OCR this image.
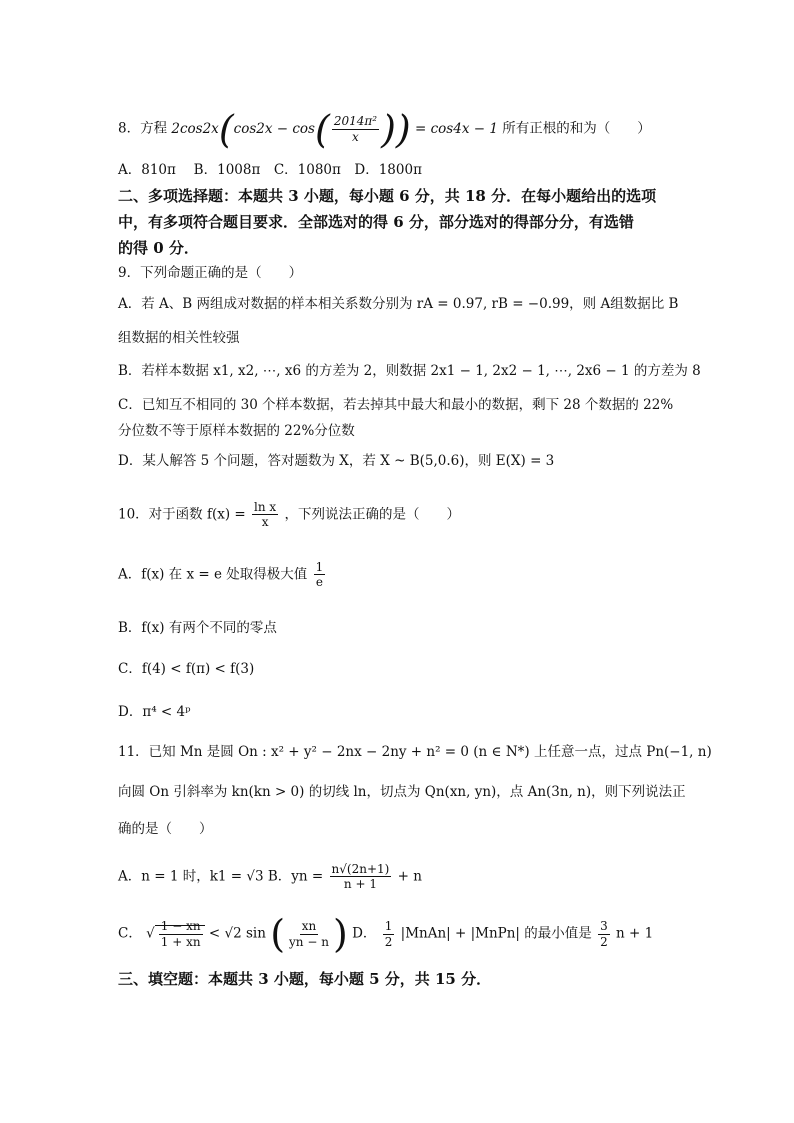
8．方程 $2\cos 2x(\cos 2x - \cos( \frac{\text{2014π²}}{x}$ )) = cos4x − 1 所有正根的和为（　　）
A．810π　 B．1008π　C．1080π　D．1800π
二、多项选择题：本题共 3 小题，每小题 6 分，共 18 分．在每小题给出的选项
中，有多项符合题目要求．全部选对的得 6 分，部分选对的得部分分，有选错
的得 0 分．
9．下列命题正确的是（　　）
A．若 A、B 两组成对数据的样本相关系数分别为 rA = 0.97, rB = −0.99，则 A组数据比 B
组数据的相关性较强
B．若样本数据 x1, x2, ⋯, x6 的方差为 2，则数据 2x1 − 1, 2x2 − 1, ⋯, 2x6 − 1 的方差为 8
C．已知互不相同的 30 个样本数据，若去掉其中最大和最小的数据，剩下 28 个数据的 22%
分位数不等于原样本数据的 22%分位数
D．某人解答 5 个问题，答对题数为 X，若 X ~ B(5,0.6)，则 E(X) = 3
10．对于函数 $f(x) = \frac{\text{ln x}}{x}$ ，下列说法正确的是（　　）
A．f(x) 在 x = e 处取得极大值 $\frac{1}{e}$
B．f(x) 有两个不同的零点
C．f(4) < f(π) < f(3)
D．π⁴ < 4ᵖ
11．已知 Mn 是圆 On : x² + y² − 2nx − 2ny + n² = 0 (n ∈ N*) 上任意一点，过点 Pn(−1, n)
向圆 On 引斜率为 kn(kn > 0) 的切线 ln，切点为 Qn(xn, yn)，点 An(3n, n)，则下列说法正
确的是（　　）
A．n = 1 时，k1 = √3 B．yn = $\frac{n√(2n+1)}{n + 1} + n$
C． √ $\frac{1 - xn}{1 + xn} < √2$ sin ( $\frac{xn}{yn - n}$ ) D． $\frac{1}{2}$ |MnAn| + |MnPn| 的最小值是 $\frac{3}{2}$ n + 1
三、填空题：本题共 3 小题，每小题 5 分，共 15 分．
